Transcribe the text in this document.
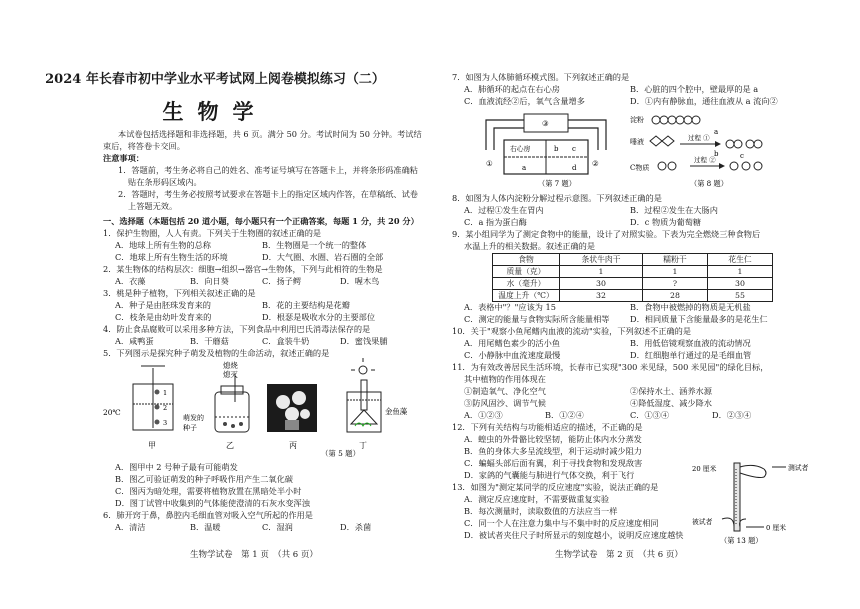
2024 年长春市初中学业水平考试网上阅卷模拟练习（二）
生物学
本试卷包括选择题和非选择题，共 6 页。满分 50 分。考试时间为 50 分钟。考试结
束后，将答卷卡交回。
注意事项：
1．答题前，考生务必将自己的姓名、准考证号填写在答题卡上，并将条形码准确粘
贴在条形码区域内。
2．答题时，考生务必按照考试要求在答题卡上的指定区域内作答，在草稿纸、试卷
上答题无效。
一、选择题（本题包括 20 道小题，每小题只有一个正确答案，每题 1 分，共 20 分）
1．保护生物圈，人人有责。下列关于生物圈的叙述正确的是
A．地球上所有生物的总称	B．生物圈是一个统一的整体
C．地球上所有生物生活的环境	D．大气圈、水圈、岩石圈的全部
2．某生物体的结构层次：细胞→组织→器官→生物体，下列与此相符的生物是
A．衣藻	B．向日葵	C．扬子鳄	D．喔木鸟
3．桃是种子植物，下列相关叙述正确的是
A．种子是由胚珠发育来的	B．花的主要结构是花瓣
C．枝条是由幼叶发育来的	D．根瑟是吸收水分的主要部位
4．防止食品腐败可以采用多种方法，下列食品中利用巴氏消毒法保存的是
A．咸鸭蛋	B．干蘑菇	C．盒装牛奶	D．蜜饯果脯
5．下列图示是探究种子萌发及植物的生命活动，叙述正确的是
20℃
1
2
3
甲
熄烧
熄灭
萌发的
种子
乙	丙
金鱼藻
丁
（第 5 题）
A．图甲中 2 号种子最有可能萌发
B．图乙可验证萌发的种子呼吸作用产生二氧化碳
C．图丙为暗处理，需要将植物放置在黑暗处半小时
D．图丁试管中收集到的气体能使澄清的石灰水变浑浊
6．肺开窍于鼻，鼻腔内毛细血管对吸入空气所起的作用是
A．清洁	B．温暖	C．湿润	D．杀菌
生物学试卷　第 1 页　（共 6 页）
7．如图为人体肺循环模式图。下列叙述正确的是
A．肺循环的起点在右心房	B．心脏的四个腔中，壁最厚的是 a
C．血液流经②后，氧气含量增多	D．①内有静脉血，通往血液从 a 流向②
③
①	②
右心房	b c
d
a
（第 7 题）
淀粉
唾液	过程 ①
a
过程 ②
b
C物质
c
（第 8 题）
8．如图为人体内淀粉分解过程示意图。下列叙述正确的是
A．过程①发生在胃内	B．过程②发生在大肠内
C．a 指为蛋白酶	D．c 物质为葡萄糖
9．某小组同学为了测定食物中的能量，设计了对照实验。下表为完全燃烧三种食物后
水温上升的相关数据。叙述正确的是
食物	条状牛肉干	糯粉干	花生仁
质量（克）	1	1	1
水（毫升）	30	?	30
温度上升（℃）	32	28	55
A．表格中"？"应该为 15	B．食物中被燃掉的物质是无机盐
C．测定的能量与食物实际所含能量相等	D．相同质量下含能量最多的是花生仁
10．关于"观察小鱼尾鳍内血液的流动"实验，下列叙述不正确的是
A．用尾鳍色素少的活小鱼	B．用低倍镜观察血液的流动情况
C．小静脉中血流速度最慢	D．红细胞单行通过的是毛细血管
11．为有效改善居民生活环境，长春市已实现"300 米见绿，500 米见园"的绿化目标，
其中植物的作用体现在
①制造氧气、净化空气	②保持水土、涵养水源
③防风固沙、调节气候	④降低湿度、减少降水
A．①②③	B．①②④	C．①③④	D．②③④
12．下列有关结构与功能相适应的描述，不正确的是
A．蝗虫的外骨骼比较坚韧，能防止体内水分蒸发
B．鱼的身体大多呈流线型，利于运动时减少阻力
C．蝙蝠头部后面有翼，利于寻找食物和发现敌害
D．家鸽的气囊能与肺进行气体交换，利于飞行
13．如图为"测定某同学的反应速度"实验，说法正确的是
A．测定反应速度时，不需要做重复实验
B．每次测量时，读取数值的方法应当一样
C．同一个人在注意力集中与不集中时的反应速度相同
D．被试者夹住尺子时所显示的刻度越小，说明反应速度越快
20 厘米	测试者
被试者
0 厘米
（第 13 题）
生物学试卷　第 2 页　（共 6 页）
